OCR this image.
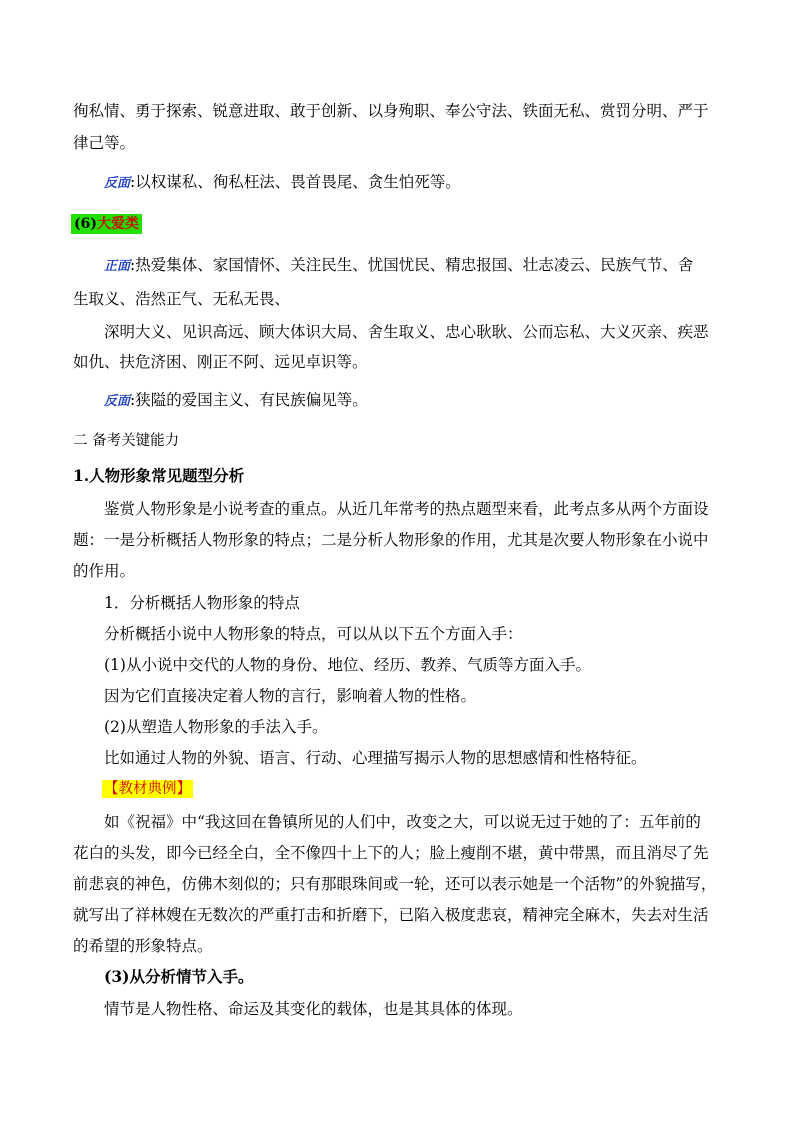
徇私情、勇于探索、锐意进取、敢于创新、以身殉职、奉公守法、铁面无私、赏罚分明、严于
律己等。
反面:以权谋私、徇私枉法、畏首畏尾、贪生怕死等。
(6)大爱类
正面:热爱集体、家国情怀、关注民生、忧国忧民、精忠报国、壮志凌云、民族气节、舍
生取义、浩然正气、无私无畏、
深明大义、见识高远、顾大体识大局、舍生取义、忠心耿耿、公而忘私、大义灭亲、疾恶
如仇、扶危济困、刚正不阿、远见卓识等。
反面:狭隘的爱国主义、有民族偏见等。
二 备考关键能力
1.人物形象常见题型分析
鉴赏人物形象是小说考查的重点。从近几年常考的热点题型来看，此考点多从两个方面设
题：一是分析概括人物形象的特点；二是分析人物形象的作用，尤其是次要人物形象在小说中
的作用。
1．分析概括人物形象的特点
分析概括小说中人物形象的特点，可以从以下五个方面入手：
(1)从小说中交代的人物的身份、地位、经历、教养、气质等方面入手。
因为它们直接决定着人物的言行，影响着人物的性格。
(2)从塑造人物形象的手法入手。
比如通过人物的外貌、语言、行动、心理描写揭示人物的思想感情和性格特征。
【教材典例】
如《祝福》中“我这回在鲁镇所见的人们中，改变之大，可以说无过于她的了：五年前的
花白的头发，即今已经全白，全不像四十上下的人；脸上瘦削不堪，黄中带黑，而且消尽了先
前悲哀的神色，仿佛木刻似的；只有那眼珠间或一轮，还可以表示她是一个活物”的外貌描写，
就写出了祥林嫂在无数次的严重打击和折磨下，已陷入极度悲哀，精神完全麻木，失去对生活
的希望的形象特点。
(3)从分析情节入手。
情节是人物性格、命运及其变化的载体，也是其具体的体现。
